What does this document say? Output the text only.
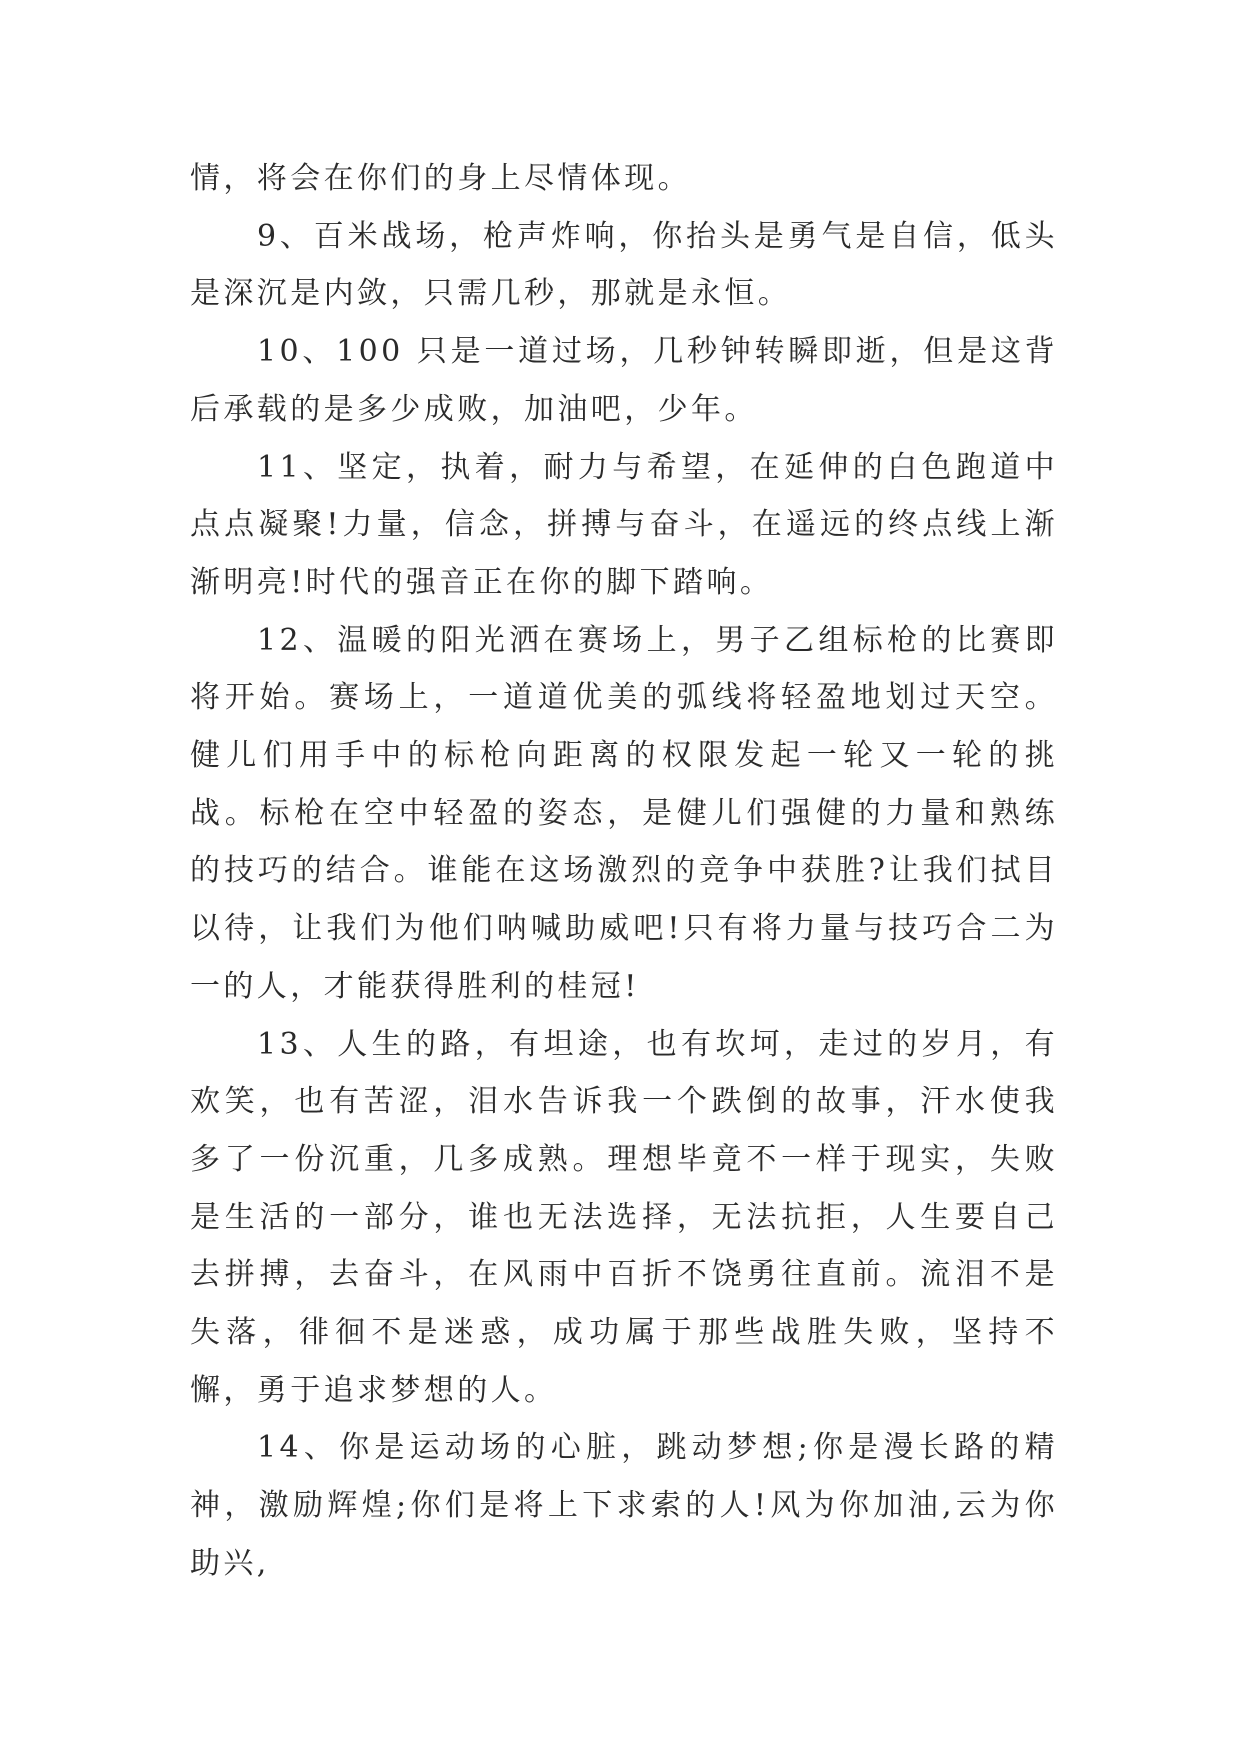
情，将会在你们的身上尽情体现。

9、百米战场，枪声炸响，你抬头是勇气是自信，低头是深沉是内敛，只需几秒，那就是永恒。

10、100 只是一道过场，几秒钟转瞬即逝，但是这背后承载的是多少成败，加油吧，少年。

11、坚定，执着，耐力与希望，在延伸的白色跑道中点点凝聚!力量，信念，拼搏与奋斗，在遥远的终点线上渐渐明亮!时代的强音正在你的脚下踏响。

12、温暖的阳光洒在赛场上，男子乙组标枪的比赛即将开始。赛场上，一道道优美的弧线将轻盈地划过天空。健儿们用手中的标枪向距离的权限发起一轮又一轮的挑战。标枪在空中轻盈的姿态，是健儿们强健的力量和熟练的技巧的结合。谁能在这场激烈的竞争中获胜?让我们拭目以待，让我们为他们呐喊助威吧!只有将力量与技巧合二为一的人，才能获得胜利的桂冠!

13、人生的路，有坦途，也有坎坷，走过的岁月，有欢笑，也有苦涩，泪水告诉我一个跌倒的故事，汗水使我多了一份沉重，几多成熟。理想毕竟不一样于现实，失败是生活的一部分，谁也无法选择，无法抗拒，人生要自己去拼搏，去奋斗，在风雨中百折不饶勇往直前。流泪不是失落，徘徊不是迷惑，成功属于那些战胜失败，坚持不懈，勇于追求梦想的人。

14、你是运动场的心脏，跳动梦想;你是漫长路的精神，激励辉煌;你们是将上下求索的人!风为你加油,云为你助兴,
